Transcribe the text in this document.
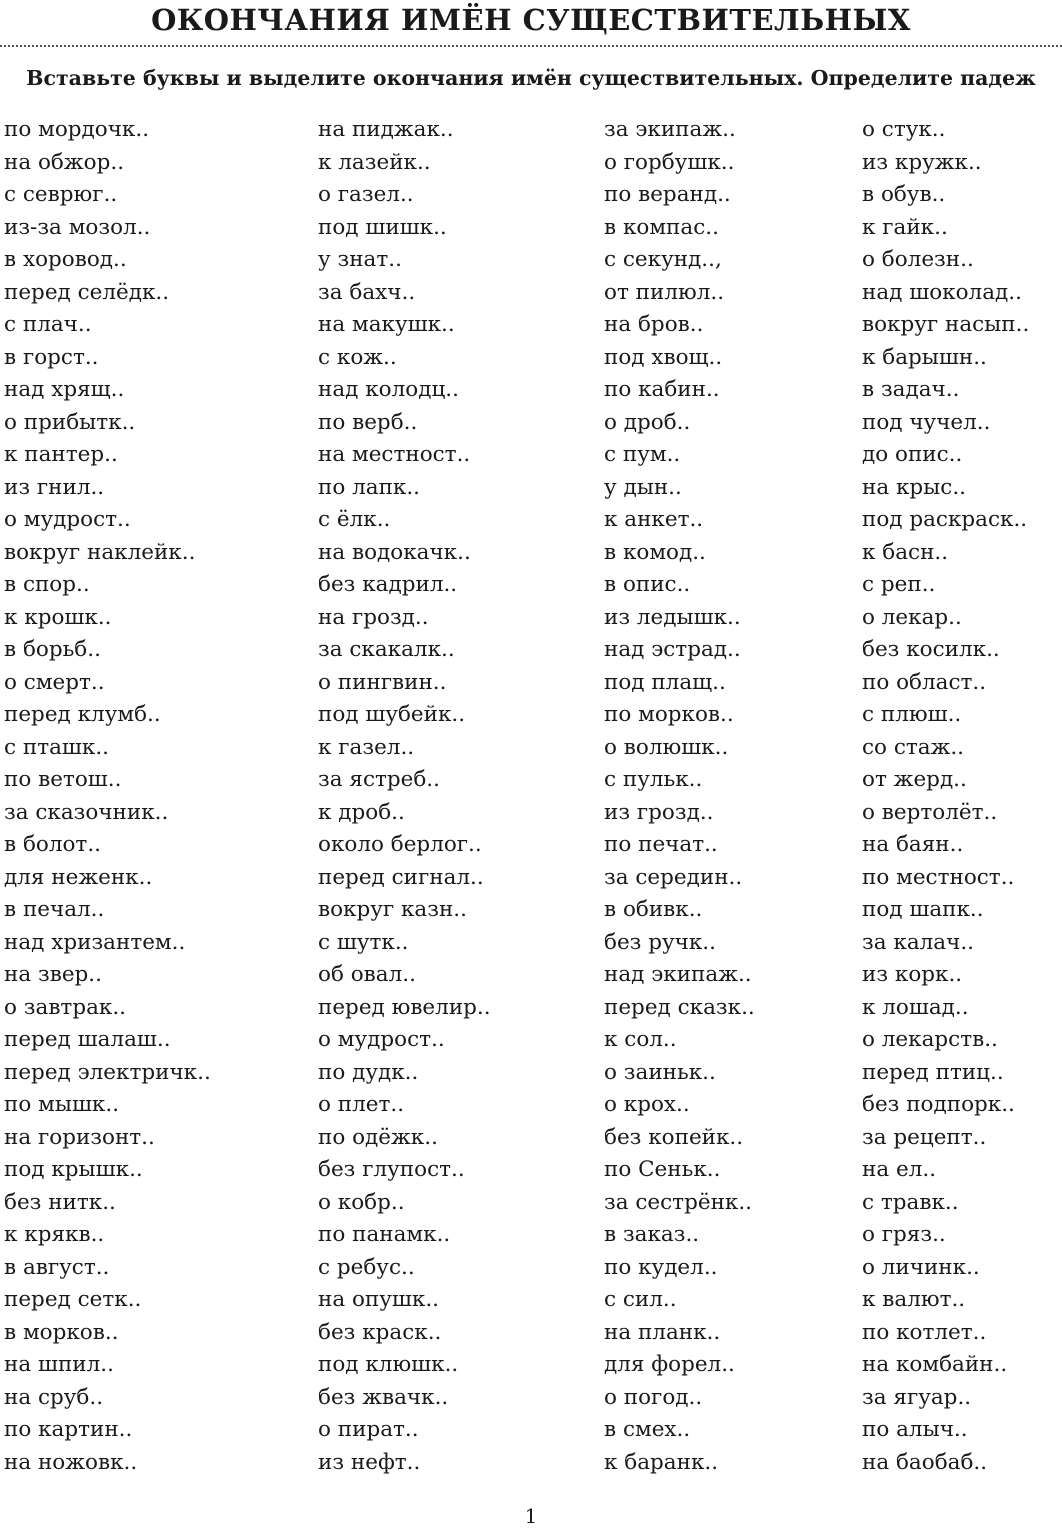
ОКОНЧАНИЯ ИМЁН СУЩЕСТВИТЕЛЬНЫХ
Вставьте буквы и выделите окончания имён существительных. Определите падеж
по мордочк..
на обжор..
с севрюг..
из-за мозол..
в хоровод..
перед селёдк..
с плач..
в горст..
над хрящ..
о прибытк..
к пантер..
из гнил..
о мудрост..
вокруг наклейк..
в спор..
к крошк..
в борьб..
о смерт..
перед клумб..
с пташк..
по ветош..
за сказочник..
в болот..
для неженк..
в печал..
над хризантем..
на звер..
о завтрак..
перед шалаш..
перед электричк..
по мышк..
на горизонт..
под крышк..
без нитк..
к крякв..
в август..
перед сетк..
в морков..
на шпил..
на сруб..
по картин..
на ножовк..
на пиджак..
к лазейк..
о газел..
под шишк..
у знат..
за бахч..
на макушк..
с кож..
над колодц..
по верб..
на местност..
по лапк..
с ёлк..
на водокачк..
без кадрил..
на грозд..
за скакалк..
о пингвин..
под шубейк..
к газел..
за ястреб..
к дроб..
около берлог..
перед сигнал..
вокруг казн..
с шутк..
об овал..
перед ювелир..
о мудрост..
по дудк..
о плет..
по одёжк..
без глупост..
о кобр..
по панамк..
с ребус..
на опушк..
без краск..
под клюшк..
без жвачк..
о пират..
из нефт..
за экипаж..
о горбушк..
по веранд..
в компас..
с секунд..,
от пилюл..
на бров..
под хвощ..
по кабин..
о дроб..
с пум..
у дын..
к анкет..
в комод..
в опис..
из ледышк..
над эстрад..
под плащ..
по морков..
о волюшк..
с пульк..
из грозд..
по печат..
за середин..
в обивк..
без ручк..
над экипаж..
перед сказк..
к сол..
о заиньк..
о крох..
без копейк..
по Сеньк..
за сестрёнк..
в заказ..
по кудел..
с сил..
на планк..
для форел..
о погод..
в смех..
к баранк..
о стук..
из кружк..
в обув..
к гайк..
о болезн..
над шоколад..
вокруг насып..
к барышн..
в задач..
под чучел..
до опис..
на крыс..
под раскраск..
к басн..
с реп..
о лекар..
без косилк..
по област..
с плюш..
со стаж..
от жерд..
о вертолёт..
на баян..
по местност..
под шапк..
за калач..
из корк..
к лошад..
о лекарств..
перед птиц..
без подпорк..
за рецепт..
на ел..
с травк..
о гряз..
о личинк..
к валют..
по котлет..
на комбайн..
за ягуар..
по алыч..
на баобаб..
1
